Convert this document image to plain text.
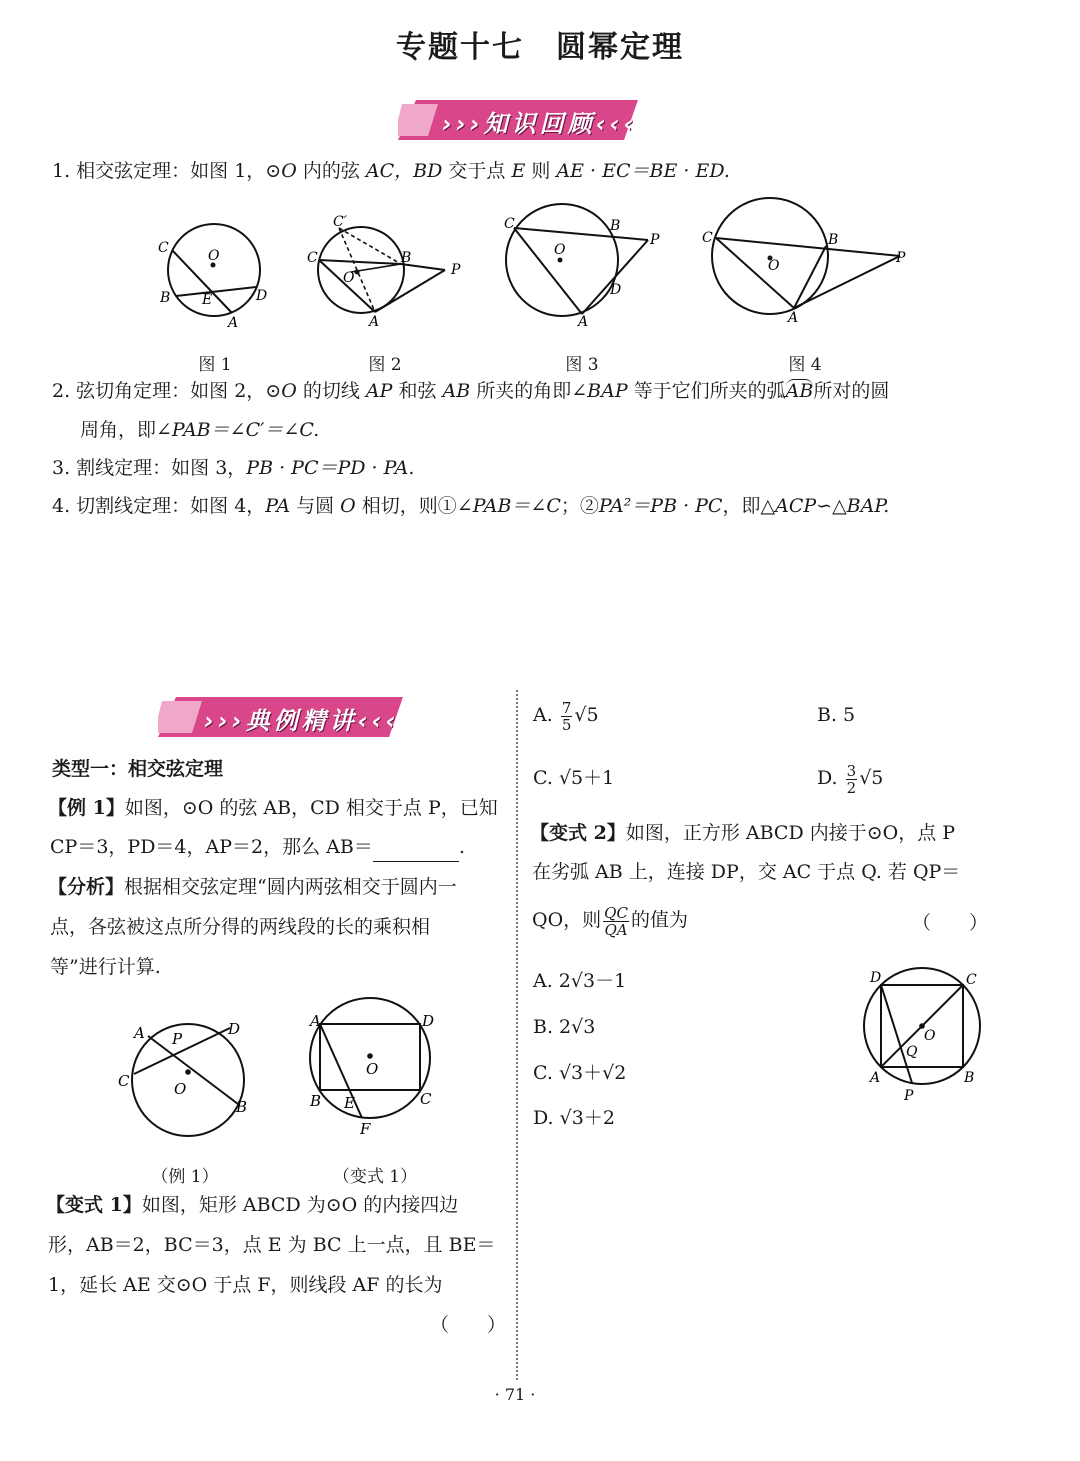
专题十七　圆幂定理
›››知识回顾‹‹‹
1. 相交弦定理：如图 1，⊙O 内的弦 AC，BD 交于点 E 则 AE · EC＝BE · ED.
C	O
B E	D
A
C′
C
O
B
P
A
C	B
P
O
D
A
C	B
P
O
A
图 1	图 2	图 3	图 4
2. 弦切角定理：如图 2，⊙O 的切线 AP 和弦 AB 所夹的角即∠BAP 等于它们所夹的弧AB所对的圆
周角，即∠PAB＝∠C′＝∠C.
3. 割线定理：如图 3，PB · PC＝PD · PA.
4. 切割线定理：如图 4，PA 与圆 O 相切，则①∠PAB＝∠C；②PA²＝PB · PC，即△ACP∽△BAP.
›››典例精讲‹‹‹
类型一：相交弦定理
【例 1】如图，⊙O 的弦 AB，CD 相交于点 P，已知
CP＝3，PD＝4，AP＝2，那么 AB＝	.
【分析】根据相交弦定理“圆内两弦相交于圆内一
点，各弦被这点所分得的两线段的长的乘积相
等”进行计算.
A P
D
C	O
B
A	D
O
B E	C
F
（例 1）	（变式 1）
【变式 1】如图，矩形 ABCD 为⊙O 的内接四边
形，AB＝2，BC＝3，点 E 为 BC 上一点，且 BE＝
1，延长 AE 交⊙O 于点 F，则线段 AF 的长为
（　　）
A. $\frac{7}{5} √5$	B. 5
C. √5＋1	D. $\frac{3}{2} √5$
【变式 2】如图，正方形 ABCD 内接于⊙O，点 P
在劣弧 AB 上，连接 DP，交 AC 于点 Q. 若 QP＝
QO，则 $\frac{QC}{QA}$ 的值为	（　　）
A. 2√3－1
B. 2√3
C. √3＋√2
D. √3＋2
D	C
O
Q
A	B
P
· 71 ·
